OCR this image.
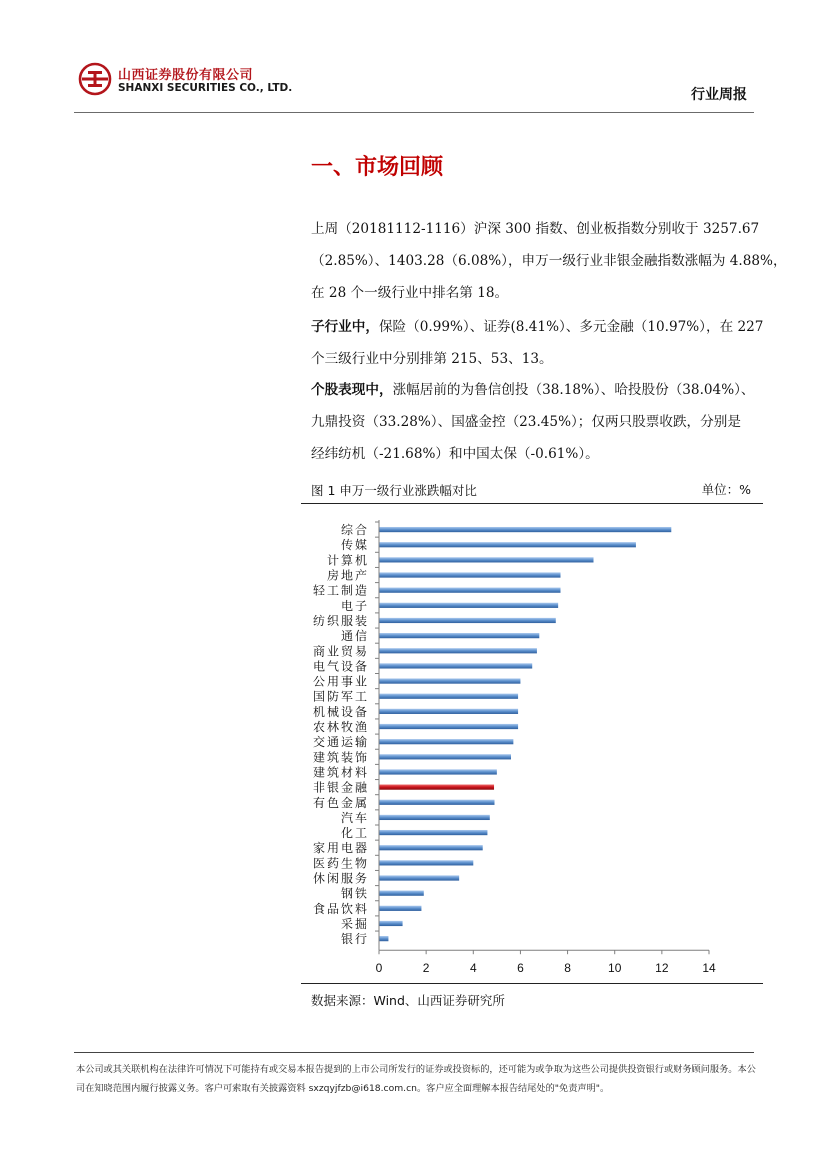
山西证券股份有限公司
SHANXI SECURITIES CO., LTD.	行业周报
一、市场回顾

上周（20181112-1116）沪深 300 指数、创业板指数分别收于 3257.67
（2.85%）、1403.28（6.08%），申万一级行业非银金融指数涨幅为 4.88%，
在 28 个一级行业中排名第 18。

子行业中，保险（0.99%）、证券(8.41%）、多元金融（10.97%），在 227
个三级行业中分别排第 215、53、13。

个股表现中，涨幅居前的为鲁信创投（38.18%）、哈投股份（38.04%）、
九鼎投资（33.28%）、国盛金控（23.45%）；仅两只股票收跌，分别是
经纬纺机（-21.68%）和中国太保（-0.61%）。

图 1 申万一级行业涨跌幅对比	单位：%
综合
传媒
计算机
房地产
轻工制造
电子
纺织服装
通信
商业贸易
电气设备
公用事业
国防军工
机械设备
农林牧渔
交通运输
建筑装饰
建筑材料
非银金融
有色金属
汽车
化工
家用电器
医药生物
休闲服务
钢铁
食品饮料
采掘
银行
0	2	4	6	8	10	12	14
数据来源：Wind、山西证券研究所
本公司或其关联机构在法律许可情况下可能持有或交易本报告提到的上市公司所发行的证券或投资标的，还可能为或争取为这些公司提供投资银行或财务顾问服务。本公司在知晓范围内履行披露义务。客户可索取有关披露资料 sxzqyjfzb@i618.com.cn。客户应全面理解本报告结尾处的"免责声明"。
